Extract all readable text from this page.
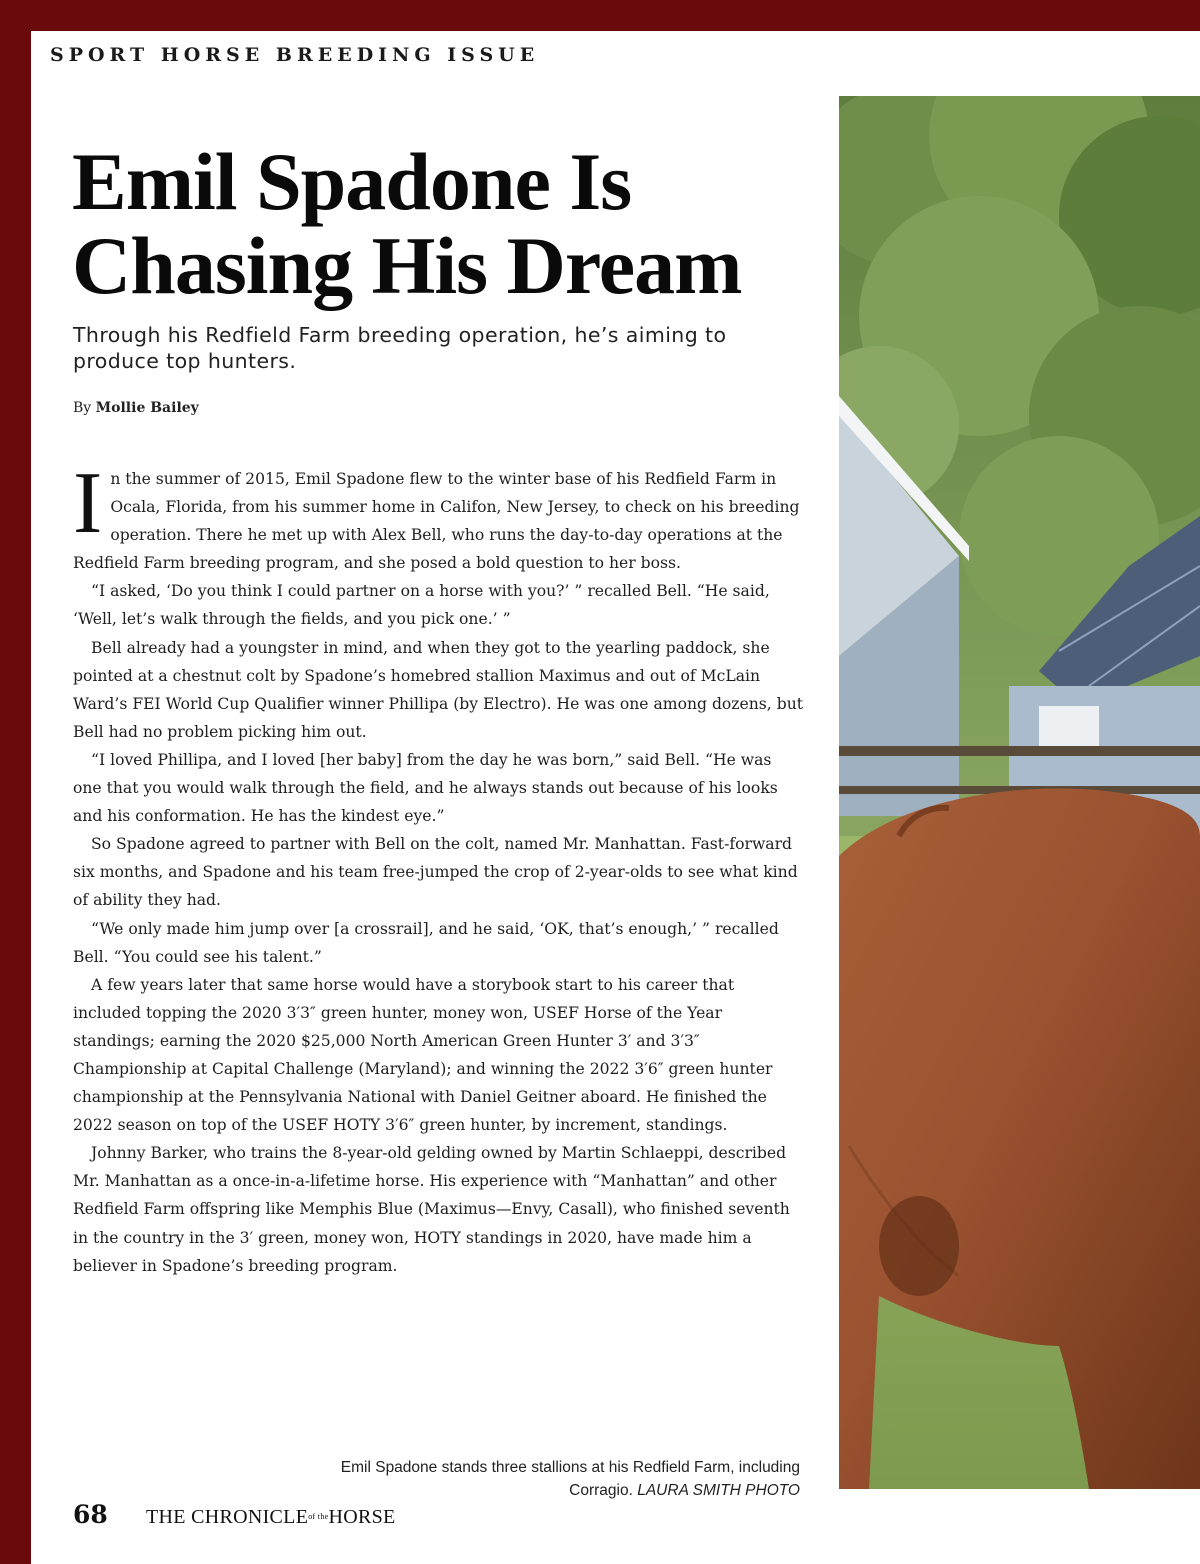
SPORT HORSE BREEDING ISSUE
Emil Spadone Is Chasing His Dream
Through his Redfield Farm breeding operation, he’s aiming to produce top hunters.
By Mollie Bailey

In the summer of 2015, Emil Spadone flew to the winter base of his Redfield Farm in Ocala, Florida, from his summer home in Califon, New Jersey, to check on his breeding operation. There he met up with Alex Bell, who runs the day-to-day operations at the Redfield Farm breeding program, and she posed a bold question to her boss.

“I asked, ‘Do you think I could partner on a horse with you?’ ” recalled Bell. “He said, ‘Well, let’s walk through the fields, and you pick one.’ ”

Bell already had a youngster in mind, and when they got to the yearling paddock, she pointed at a chestnut colt by Spadone’s homebred stallion Maximus and out of McLain Ward’s FEI World Cup Qualifier winner Phillipa (by Electro). He was one among dozens, but Bell had no problem picking him out.

“I loved Phillipa, and I loved [her baby] from the day he was born,” said Bell. “He was one that you would walk through the field, and he always stands out because of his looks and his conformation. He has the kindest eye.”

So Spadone agreed to partner with Bell on the colt, named Mr. Manhattan. Fast-forward six months, and Spadone and his team free-jumped the crop of 2-year-olds to see what kind of ability they had.

“We only made him jump over [a crossrail], and he said, ‘OK, that’s enough,’ ” recalled Bell. “You could see his talent.”

A few years later that same horse would have a storybook start to his career that included topping the 2020 3′3″ green hunter, money won, USEF Horse of the Year standings; earning the 2020 $25,000 North American Green Hunter 3′ and 3′3″ Championship at Capital Challenge (Maryland); and winning the 2022 3′6″ green hunter championship at the Pennsylvania National with Daniel Geitner aboard. He finished the 2022 season on top of the USEF HOTY 3′6″ green hunter, by increment, standings.

Johnny Barker, who trains the 8-year-old gelding owned by Martin Schlaeppi, described Mr. Manhattan as a once-in-a-lifetime horse. His experience with “Manhattan” and other Redfield Farm offspring like Memphis Blue (Maximus—Envy, Casall), who finished seventh in the country in the 3′ green, money won, HOTY standings in 2020, have made him a believer in Spadone’s breeding program.

Emil Spadone stands three stallions at his Redfield Farm, including Corragio. LAURA SMITH PHOTO
68 THE $CHRONICLE^{of the}HORSE$
